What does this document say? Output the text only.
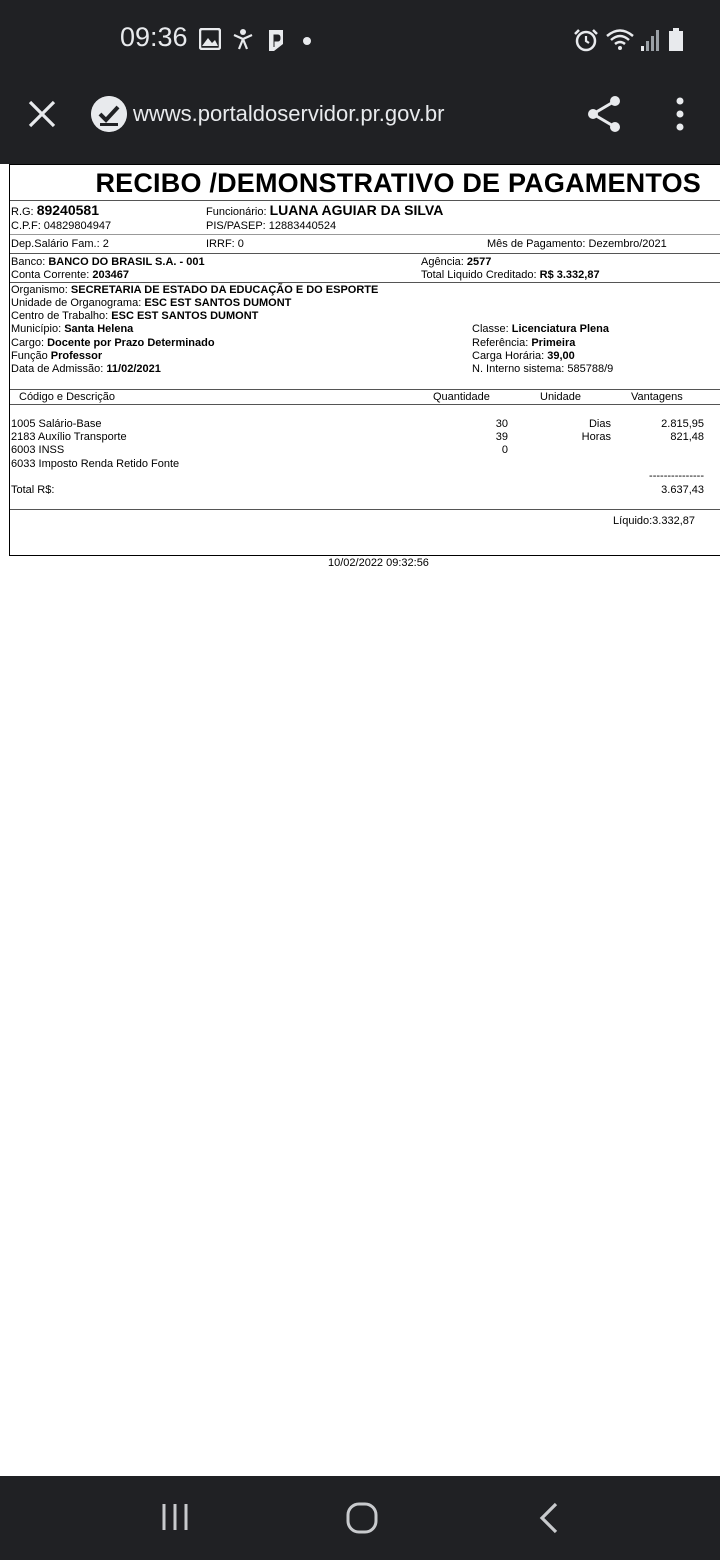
09:36
wwws.portaldoservidor.pr.gov.br
RECIBO /DEMONSTRATIVO DE PAGAMENTOS
R.G: 89240581	Funcionário: LUANA AGUIAR DA SILVA
C.P.F: 04829804947	PIS/PASEP: 12883440524
Dep.Salário Fam.: 2	IRRF: 0	Mês de Pagamento: Dezembro/2021
Banco: BANCO DO BRASIL S.A. - 001	Agência: 2577
Conta Corrente: 203467	Total Liquido Creditado: R$ 3.332,87
Organismo: SECRETARIA DE ESTADO DA EDUCAÇÃO E DO ESPORTE
Unidade de Organograma: ESC EST SANTOS DUMONT
Centro de Trabalho: ESC EST SANTOS DUMONT
Município: Santa Helena	Classe: Licenciatura Plena
Cargo: Docente por Prazo Determinado	Referência: Primeira
Função Professor	Carga Horária: 39,00
Data de Admissão: 11/02/2021	N. Interno sistema: 585788/9
Código e Descrição	Quantidade	Unidade	Vantagens
1005 Salário-Base	30	Dias	2.815,95
2183 Auxílio Transporte	39	Horas	821,48
6003 INSS	0
6033 Imposto Renda Retido Fonte
---------------
Total R$:	3.637,43
Líquido:3.332,87
10/02/2022 09:32:56
